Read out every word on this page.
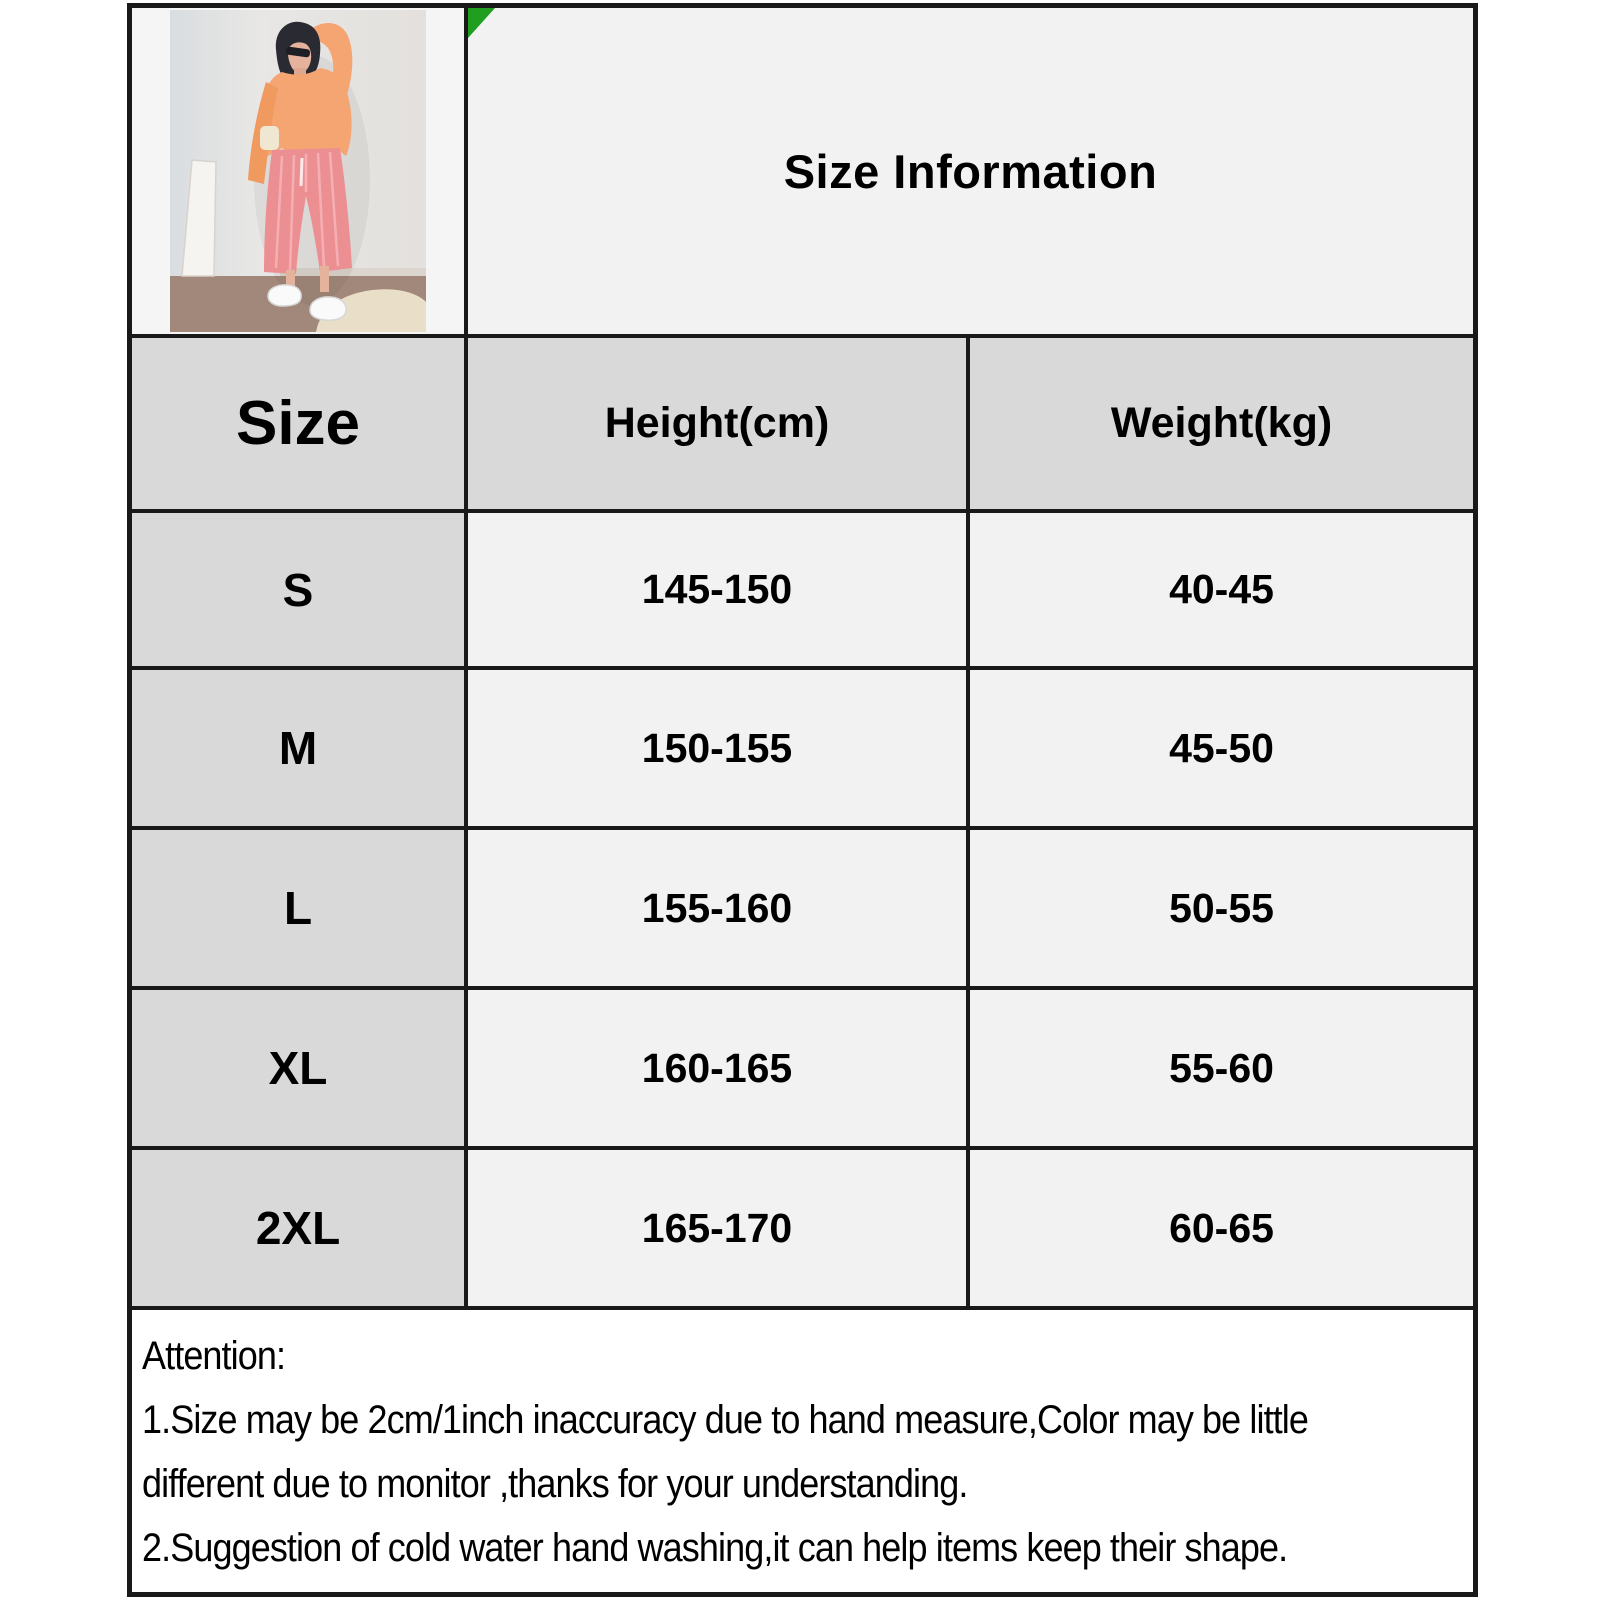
Size Information
Size	Height(cm)	Weight(kg)
S	145-150	40-45
M	150-155	45-50
L	155-160	50-55
XL	160-165	55-60
2XL	165-170	60-65
Attention:
1.Size may be 2cm/1inch inaccuracy due to hand measure,Color may be little
different due to monitor ,thanks for your understanding.
2.Suggestion of cold water hand washing,it can help items keep their shape.
